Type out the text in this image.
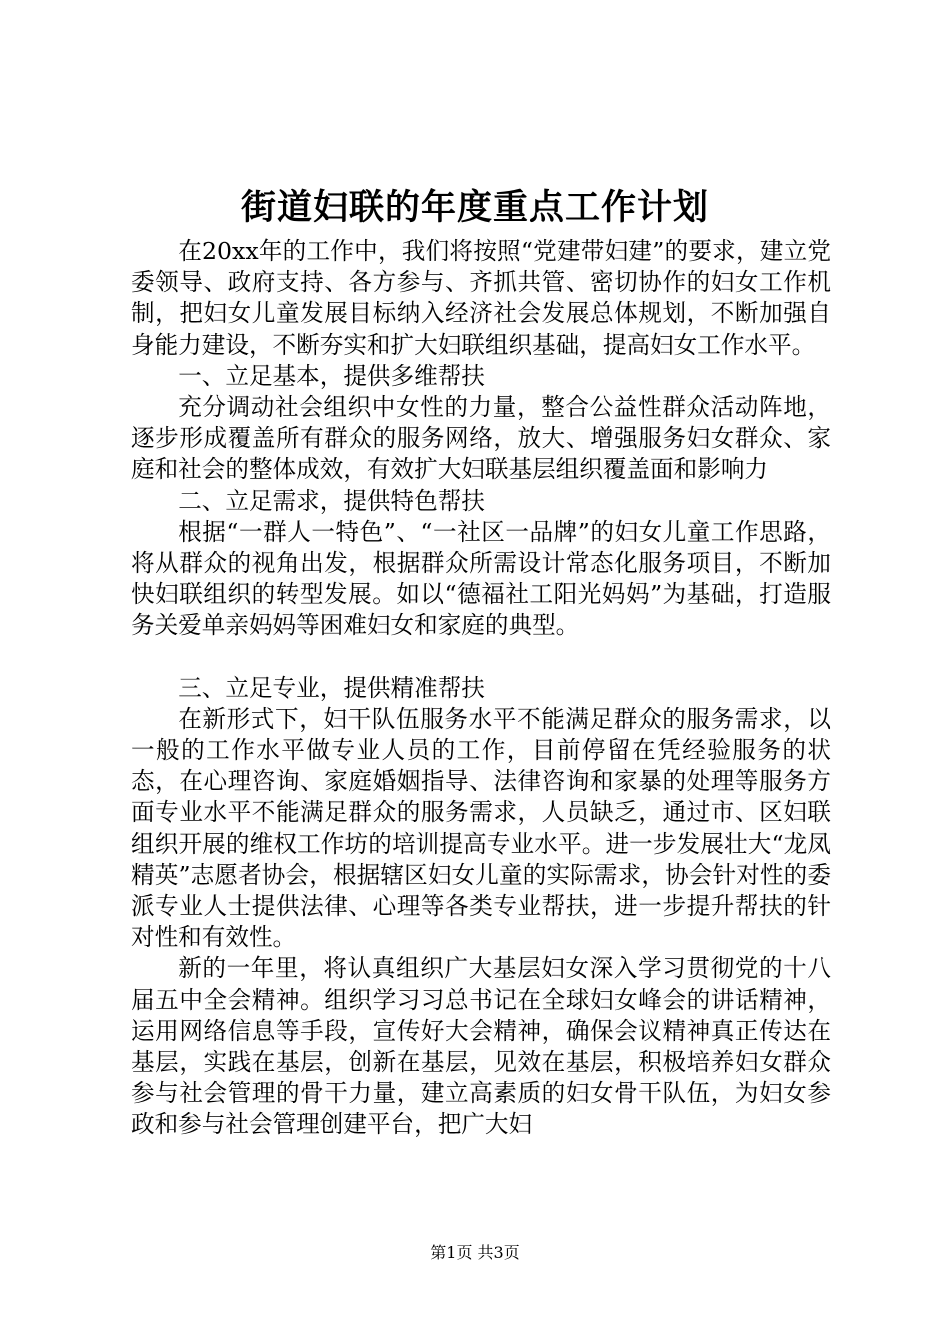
街道妇联的年度重点工作计划

在20xx年的工作中，我们将按照“党建带妇建”的要求，建立党委领导、政府支持、各方参与、齐抓共管、密切协作的妇女工作机制，把妇女儿童发展目标纳入经济社会发展总体规划，不断加强自身能力建设，不断夯实和扩大妇联组织基础，提高妇女工作水平。

一、立足基本，提供多维帮扶

充分调动社会组织中女性的力量，整合公益性群众活动阵地，逐步形成覆盖所有群众的服务网络，放大、增强服务妇女群众、家庭和社会的整体成效，有效扩大妇联基层组织覆盖面和影响力

二、立足需求，提供特色帮扶

根据“一群人一特色”、“一社区一品牌”的妇女儿童工作思路，将从群众的视角出发，根据群众所需设计常态化服务项目，不断加快妇联组织的转型发展。如以“德福社工阳光妈妈”为基础，打造服务关爱单亲妈妈等困难妇女和家庭的典型。

三、立足专业，提供精准帮扶

在新形式下，妇干队伍服务水平不能满足群众的服务需求，以一般的工作水平做专业人员的工作，目前停留在凭经验服务的状态，在心理咨询、家庭婚姻指导、法律咨询和家暴的处理等服务方面专业水平不能满足群众的服务需求，人员缺乏，通过市、区妇联组织开展的维权工作坊的培训提高专业水平。进一步发展壮大“龙凤精英”志愿者协会，根据辖区妇女儿童的实际需求，协会针对性的委派专业人士提供法律、心理等各类专业帮扶，进一步提升帮扶的针对性和有效性。

新的一年里，将认真组织广大基层妇女深入学习贯彻党的十八届五中全会精神。组织学习习总书记在全球妇女峰会的讲话精神，运用网络信息等手段，宣传好大会精神，确保会议精神真正传达在基层，实践在基层，创新在基层，见效在基层，积极培养妇女群众参与社会管理的骨干力量，建立高素质的妇女骨干队伍，为妇女参政和参与社会管理创建平台，把广大妇

第1页 共3页
